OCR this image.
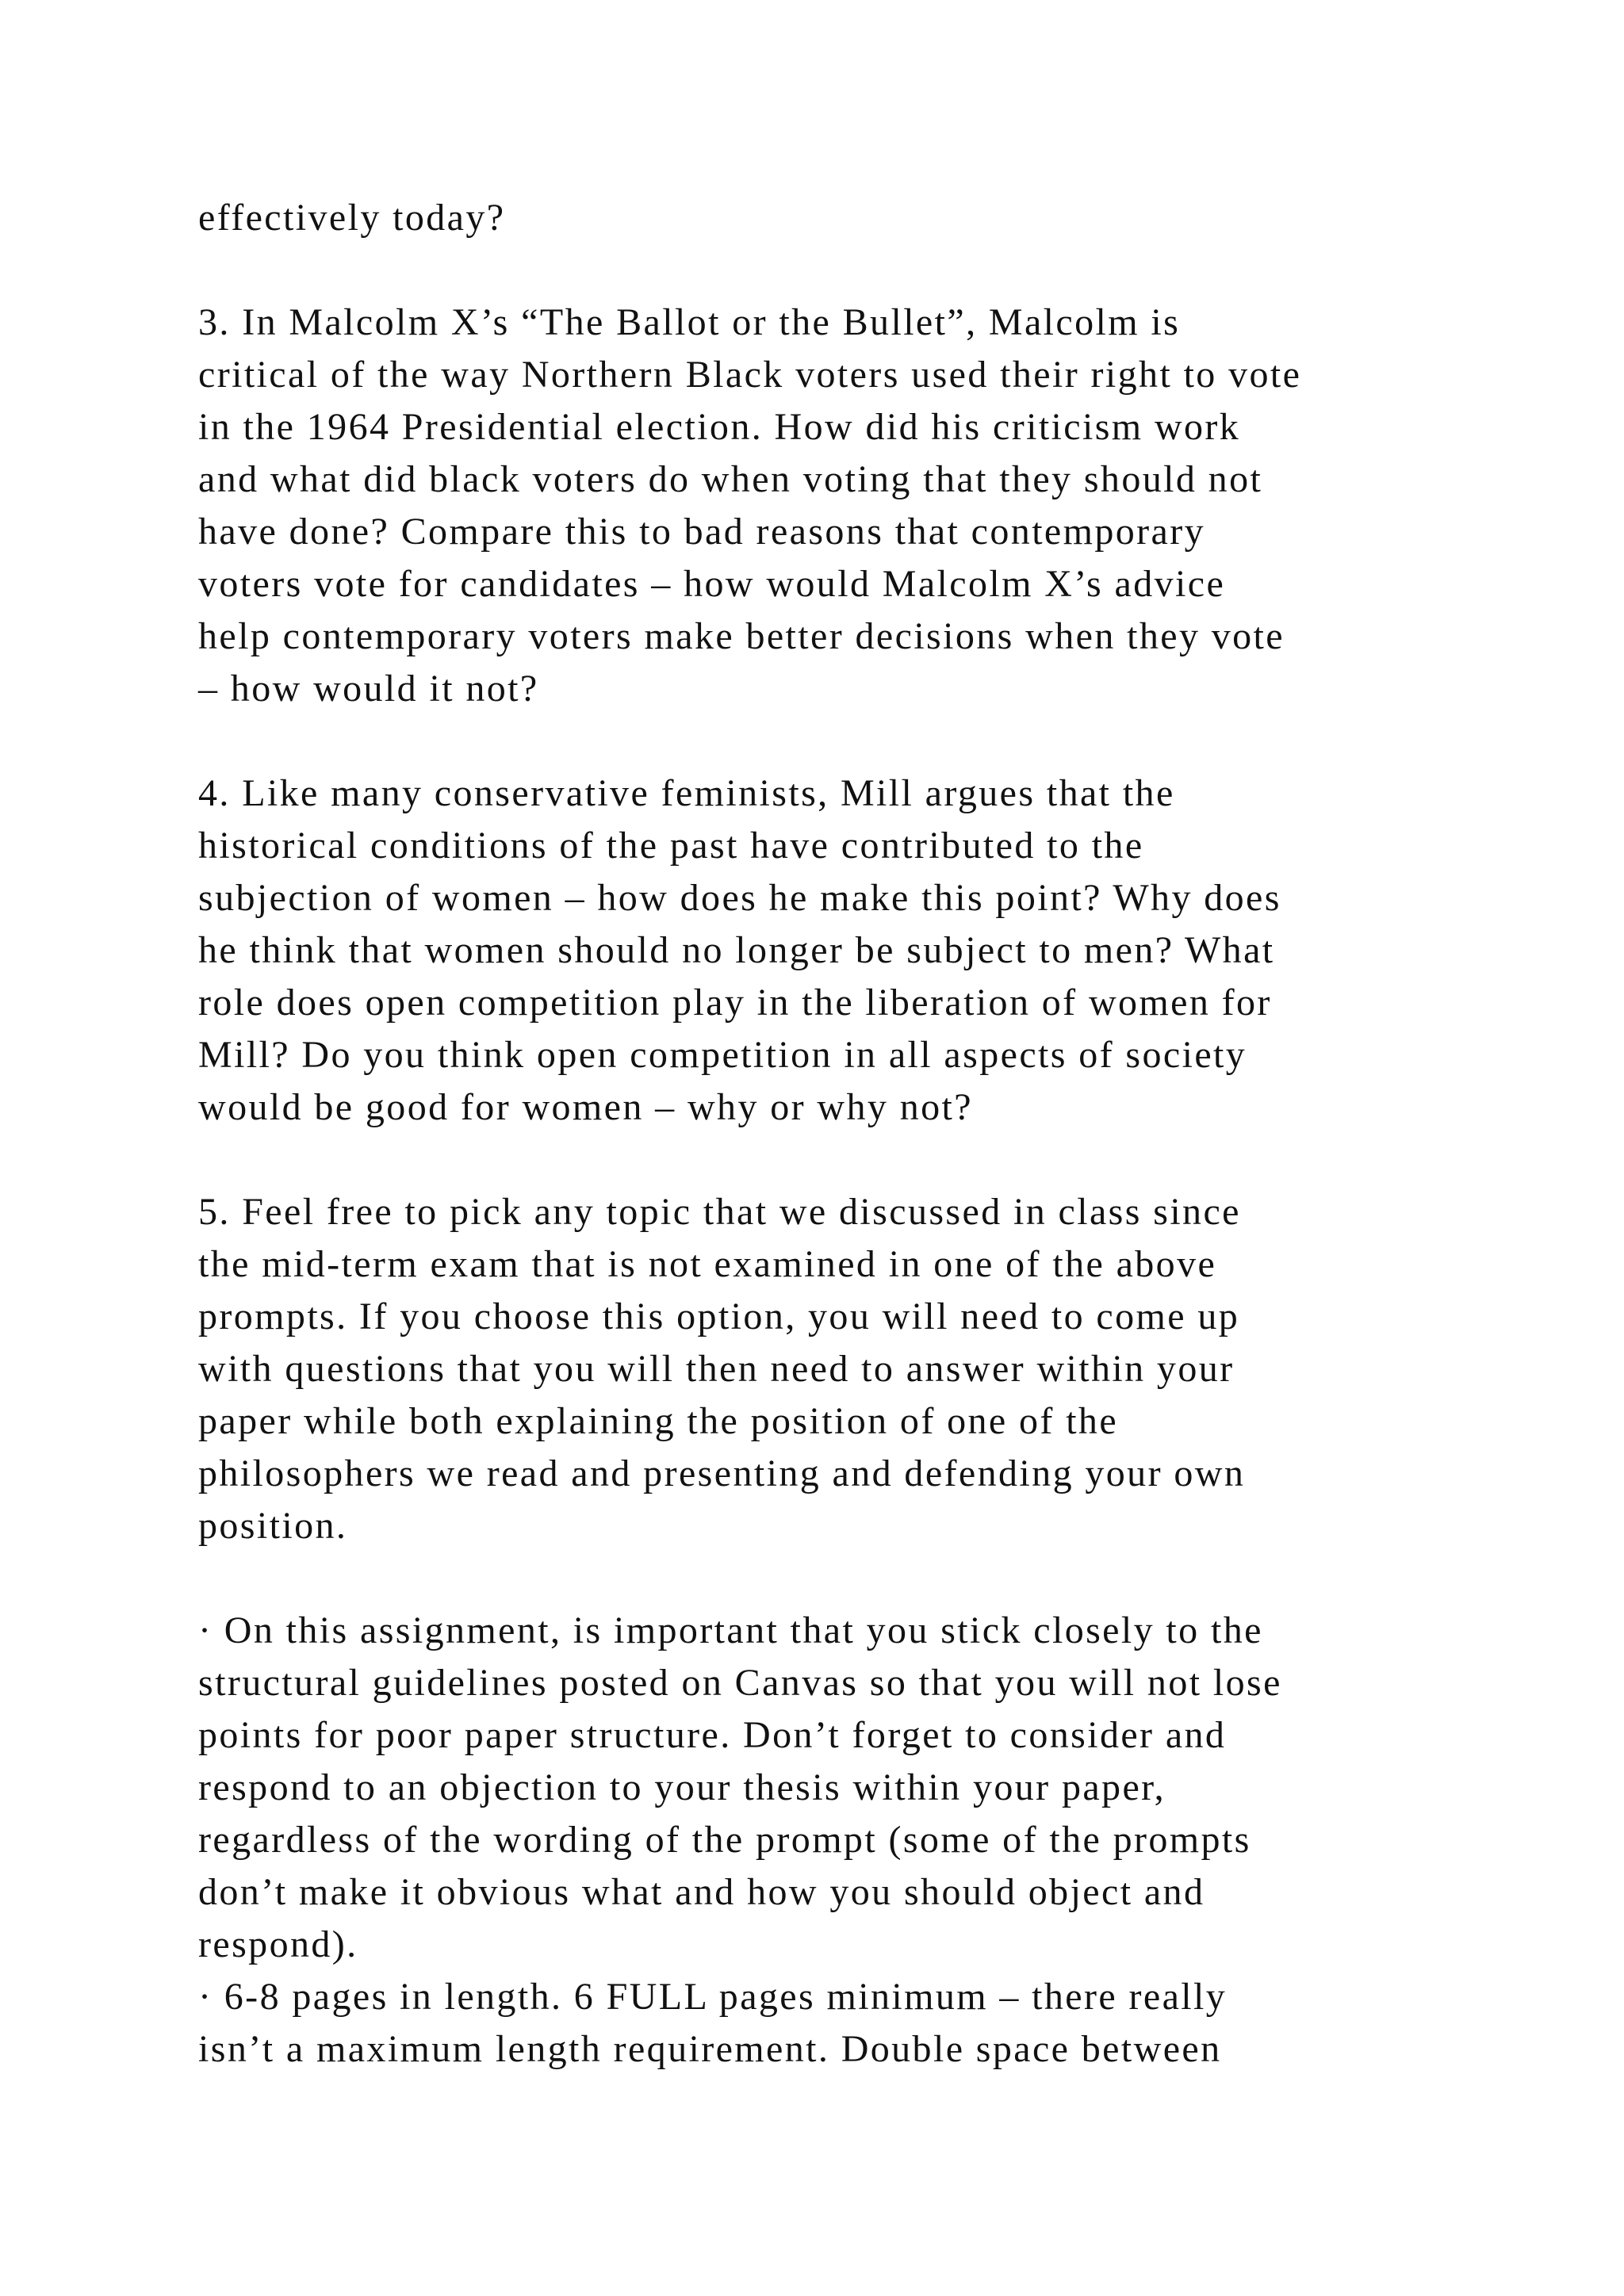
effectively today?
3. In Malcolm X’s “The Ballot or the Bullet”, Malcolm is
critical of the way Northern Black voters used their right to vote
in the 1964 Presidential election. How did his criticism work
and what did black voters do when voting that they should not
have done? Compare this to bad reasons that contemporary
voters vote for candidates – how would Malcolm X’s advice
help contemporary voters make better decisions when they vote
– how would it not?
4. Like many conservative feminists, Mill argues that the
historical conditions of the past have contributed to the
subjection of women – how does he make this point? Why does
he think that women should no longer be subject to men? What
role does open competition play in the liberation of women for
Mill? Do you think open competition in all aspects of society
would be good for women – why or why not?
5. Feel free to pick any topic that we discussed in class since
the mid-term exam that is not examined in one of the above
prompts. If you choose this option, you will need to come up
with questions that you will then need to answer within your
paper while both explaining the position of one of the
philosophers we read and presenting and defending your own
position.
· On this assignment, is important that you stick closely to the
structural guidelines posted on Canvas so that you will not lose
points for poor paper structure. Don’t forget to consider and
respond to an objection to your thesis within your paper,
regardless of the wording of the prompt (some of the prompts
don’t make it obvious what and how you should object and
respond).
· 6-8 pages in length. 6 FULL pages minimum – there really
isn’t a maximum length requirement. Double space between
